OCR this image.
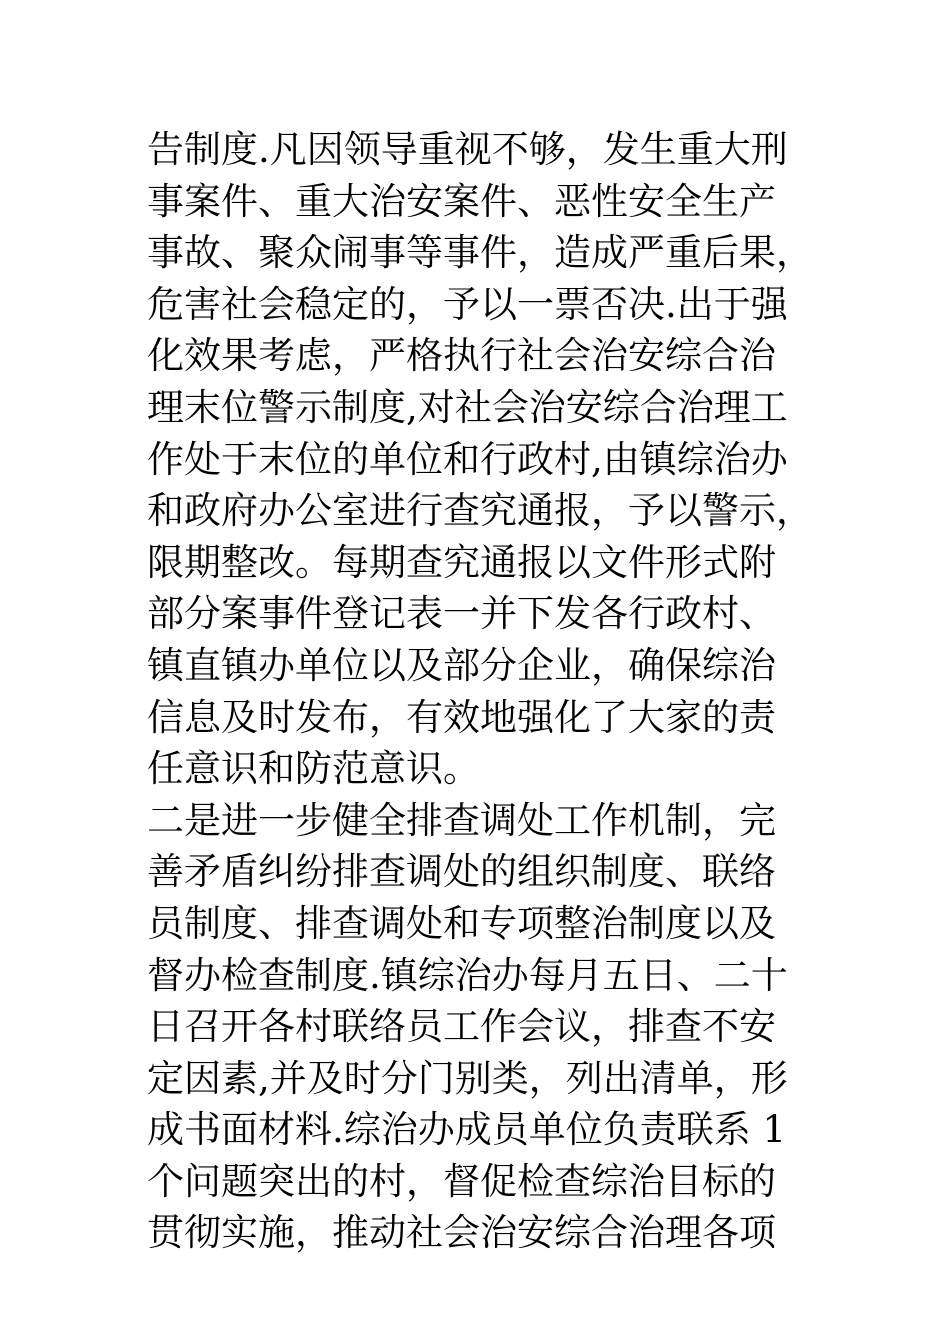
告制度.凡因领导重视不够，发生重大刑
事案件、重大治安案件、恶性安全生产
事故、聚众闹事等事件，造成严重后果，
危害社会稳定的，予以一票否决.出于强
化效果考虑，严格执行社会治安综合治
理末位警示制度,对社会治安综合治理工
作处于末位的单位和行政村,由镇综治办
和政府办公室进行查究通报，予以警示，
限期整改。每期查究通报以文件形式附
部分案事件登记表一并下发各行政村、
镇直镇办单位以及部分企业，确保综治
信息及时发布，有效地强化了大家的责
任意识和防范意识。
二是进一步健全排查调处工作机制，完
善矛盾纠纷排查调处的组织制度、联络
员制度、排查调处和专项整治制度以及
督办检查制度.镇综治办每月五日、二十
日召开各村联络员工作会议，排查不安
定因素,并及时分门别类，列出清单，形
成书面材料.综治办成员单位负责联系 1
个问题突出的村，督促检查综治目标的
贯彻实施，推动社会治安综合治理各项
